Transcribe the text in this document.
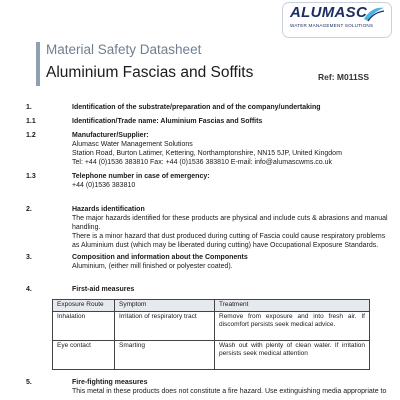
Material Safety Datasheet
Aluminium Fascias and Soffits	Ref: M011SS
ALUMASC
WATER MANAGEMENT SOLUTIONS
1.	Identification of the substrate/preparation and of the company/undertaking
1.1	Identification/Trade name: Aluminium Fascias and Soffits
1.2	Manufacturer/Supplier:
Alumasc Water Management Solutions
Station Road, Burton Latimer, Kettering, Northamptonshire, NN15 5JP, United Kingdom
Tel: +44 (0)1536 383810 Fax: +44 (0)1536 383810 E-mail: info@alumascwms.co.uk
1.3	Telephone number in case of emergency:
+44 (0)1536 383810
2.	Hazards identification
The major hazards identified for these products are physical and include cuts & abrasions and manual handling.
There is a minor hazard that dust produced during cutting of Fascia could cause respiratory problems as Aluminium dust (which may be liberated during cutting) have Occupational Exposure Standards.
3.	Composition and information about the Components
Aluminium, (either mill finished or polyester coated).
4.	First-aid measures
Exposure Route	Symptom	Treatment
Inhalation	Irritation of respiratory tract	Remove from exposure and into fresh air. If discomfort persists seek medical advice.
Eye contact	Smarting	Wash out with plenty of clean water. If irritation persists seek medical attention
5.	Fire-fighting measures
This metal in these products does not constitute a fire hazard. Use extinguishing media appropriate to
